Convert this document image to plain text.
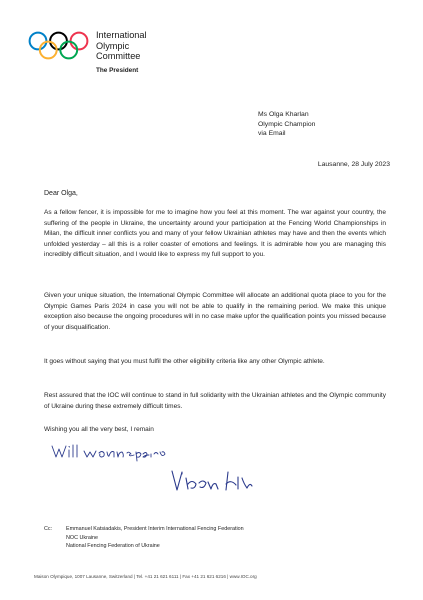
International
Olympic
Committee
The President
Ms Olga Kharlan
Olympic Champion
via Email
Lausanne, 28 July 2023
Dear Olga,

As a fellow fencer, it is impossible for me to imagine how you feel at this moment. The war against your country, the suffering of the people in Ukraine, the uncertainty around your participation at the Fencing World Championships in Milan, the difficult inner conflicts you and many of your fellow Ukrainian athletes may have and then the events which unfolded yesterday – all this is a roller coaster of emotions and feelings. It is admirable how you are managing this incredibly difficult situation, and I would like to express my full support to you.

Given your unique situation, the International Olympic Committee will allocate an additional quota place to you for the Olympic Games Paris 2024 in case you will not be able to qualify in the remaining period. We make this unique exception also because the ongoing procedures will in no case make upfor the qualification points you missed because of your disqualification.

It goes without saying that you must fulfil the other eligibility criteria like any other Olympic athlete.

Rest assured that the IOC will continue to stand in full solidarity with the Ukrainian athletes and the Olympic community of Ukraine during these extremely difficult times.

Wishing you all the very best, I remain

Cc:	Emmanuel Katsiadakis, President Interim International Fencing Federation
NOC Ukraine
National Fencing Federation of Ukraine
Maison Olympique, 1007 Lausanne, Switzerland | Tel. +41 21 621 6111 | Fax +41 21 621 6216 | www.IOC.org
